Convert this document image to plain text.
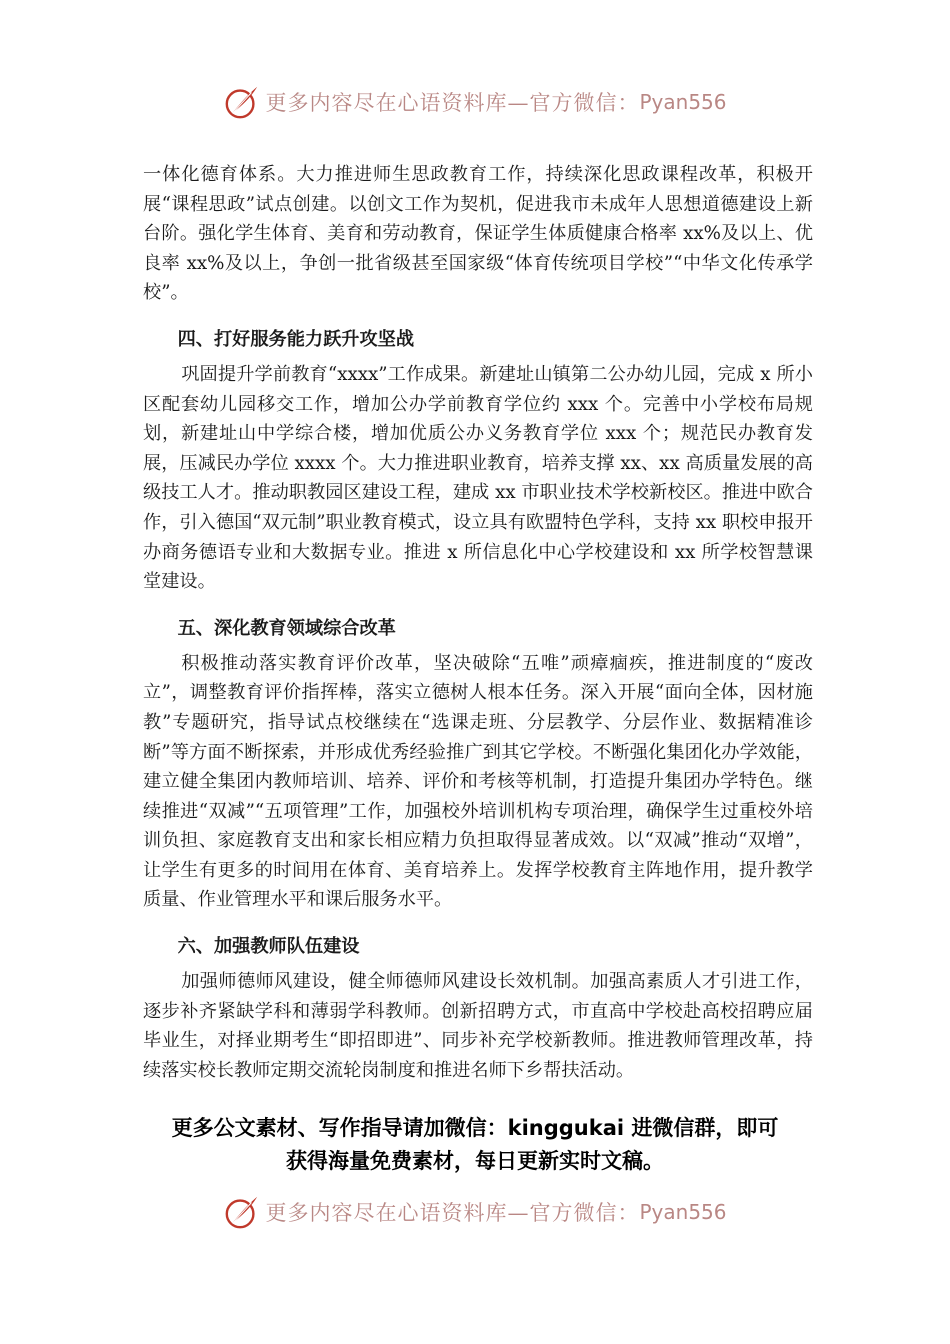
更多内容尽在心语资料库—官方微信： Pyan556

一体化德育体系。大力推进师生思政教育工作，持续深化思政课程改革，积极开展“课程思政”试点创建。以创文工作为契机，促进我市未成年人思想道德建设上新台阶。强化学生体育、美育和劳动教育，保证学生体质健康合格率 xx%及以上、优良率 xx%及以上，争创一批省级甚至国家级“体育传统项目学校”“中华文化传承学校”。

四、打好服务能力跃升攻坚战

巩固提升学前教育“xxxx”工作成果。新建址山镇第二公办幼儿园，完成 x 所小区配套幼儿园移交工作，增加公办学前教育学位约 xxx 个。完善中小学校布局规划，新建址山中学综合楼，增加优质公办义务教育学位 xxx 个；规范民办教育发展，压减民办学位 xxxx 个。大力推进职业教育，培养支撑 xx、xx 高质量发展的高级技工人才。推动职教园区建设工程，建成 xx 市职业技术学校新校区。推进中欧合作，引入德国“双元制”职业教育模式，设立具有欧盟特色学科，支持 xx 职校申报开办商务德语专业和大数据专业。推进 x 所信息化中心学校建设和 xx 所学校智慧课堂建设。

五、深化教育领域综合改革

积极推动落实教育评价改革，坚决破除“五唯”顽瘴痼疾，推进制度的“废改立”，调整教育评价指挥棒，落实立德树人根本任务。深入开展“面向全体，因材施教”专题研究，指导试点校继续在“选课走班、分层教学、分层作业、数据精准诊断”等方面不断探索，并形成优秀经验推广到其它学校。不断强化集团化办学效能，建立健全集团内教师培训、培养、评价和考核等机制，打造提升集团办学特色。继续推进“双减”“五项管理”工作，加强校外培训机构专项治理，确保学生过重校外培训负担、家庭教育支出和家长相应精力负担取得显著成效。以“双减”推动“双增”，让学生有更多的时间用在体育、美育培养上。发挥学校教育主阵地作用，提升教学质量、作业管理水平和课后服务水平。

六、加强教师队伍建设

加强师德师风建设，健全师德师风建设长效机制。加强高素质人才引进工作，逐步补齐紧缺学科和薄弱学科教师。创新招聘方式，市直高中学校赴高校招聘应届毕业生，对择业期考生“即招即进”、同步补充学校新教师。推进教师管理改革，持续落实校长教师定期交流轮岗制度和推进名师下乡帮扶活动。

更多公文素材、写作指导请加微信：kinggukai 进微信群，即可
获得海量免费素材，每日更新实时文稿。
更多内容尽在心语资料库—官方微信： Pyan556
